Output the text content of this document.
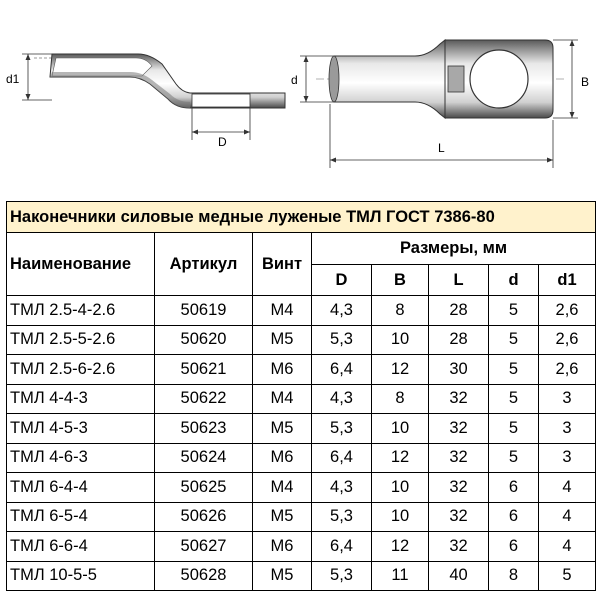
d1
D
d	B
L
Наконечники силовые медные луженые ТМЛ ГОСТ 7386-80							
Наименование	Артикул	Винт	Размеры, мм				
			D	B	L	d	d1
ТМЛ 2.5-4-2.6	50619	М4	4,3	8	28	5	2,6
ТМЛ 2.5-5-2.6	50620	М5	5,3	10	28	5	2,6
ТМЛ 2.5-6-2.6	50621	М6	6,4	12	30	5	2,6
ТМЛ 4-4-3	50622	М4	4,3	8	32	5	3
ТМЛ 4-5-3	50623	М5	5,3	10	32	5	3
ТМЛ 4-6-3	50624	М6	6,4	12	32	5	3
ТМЛ 6-4-4	50625	М4	4,3	10	32	6	4
ТМЛ 6-5-4	50626	М5	5,3	10	32	6	4
ТМЛ 6-6-4	50627	М6	6,4	12	32	6	4
ТМЛ 10-5-5	50628	М5	5,3	11	40	8	5
